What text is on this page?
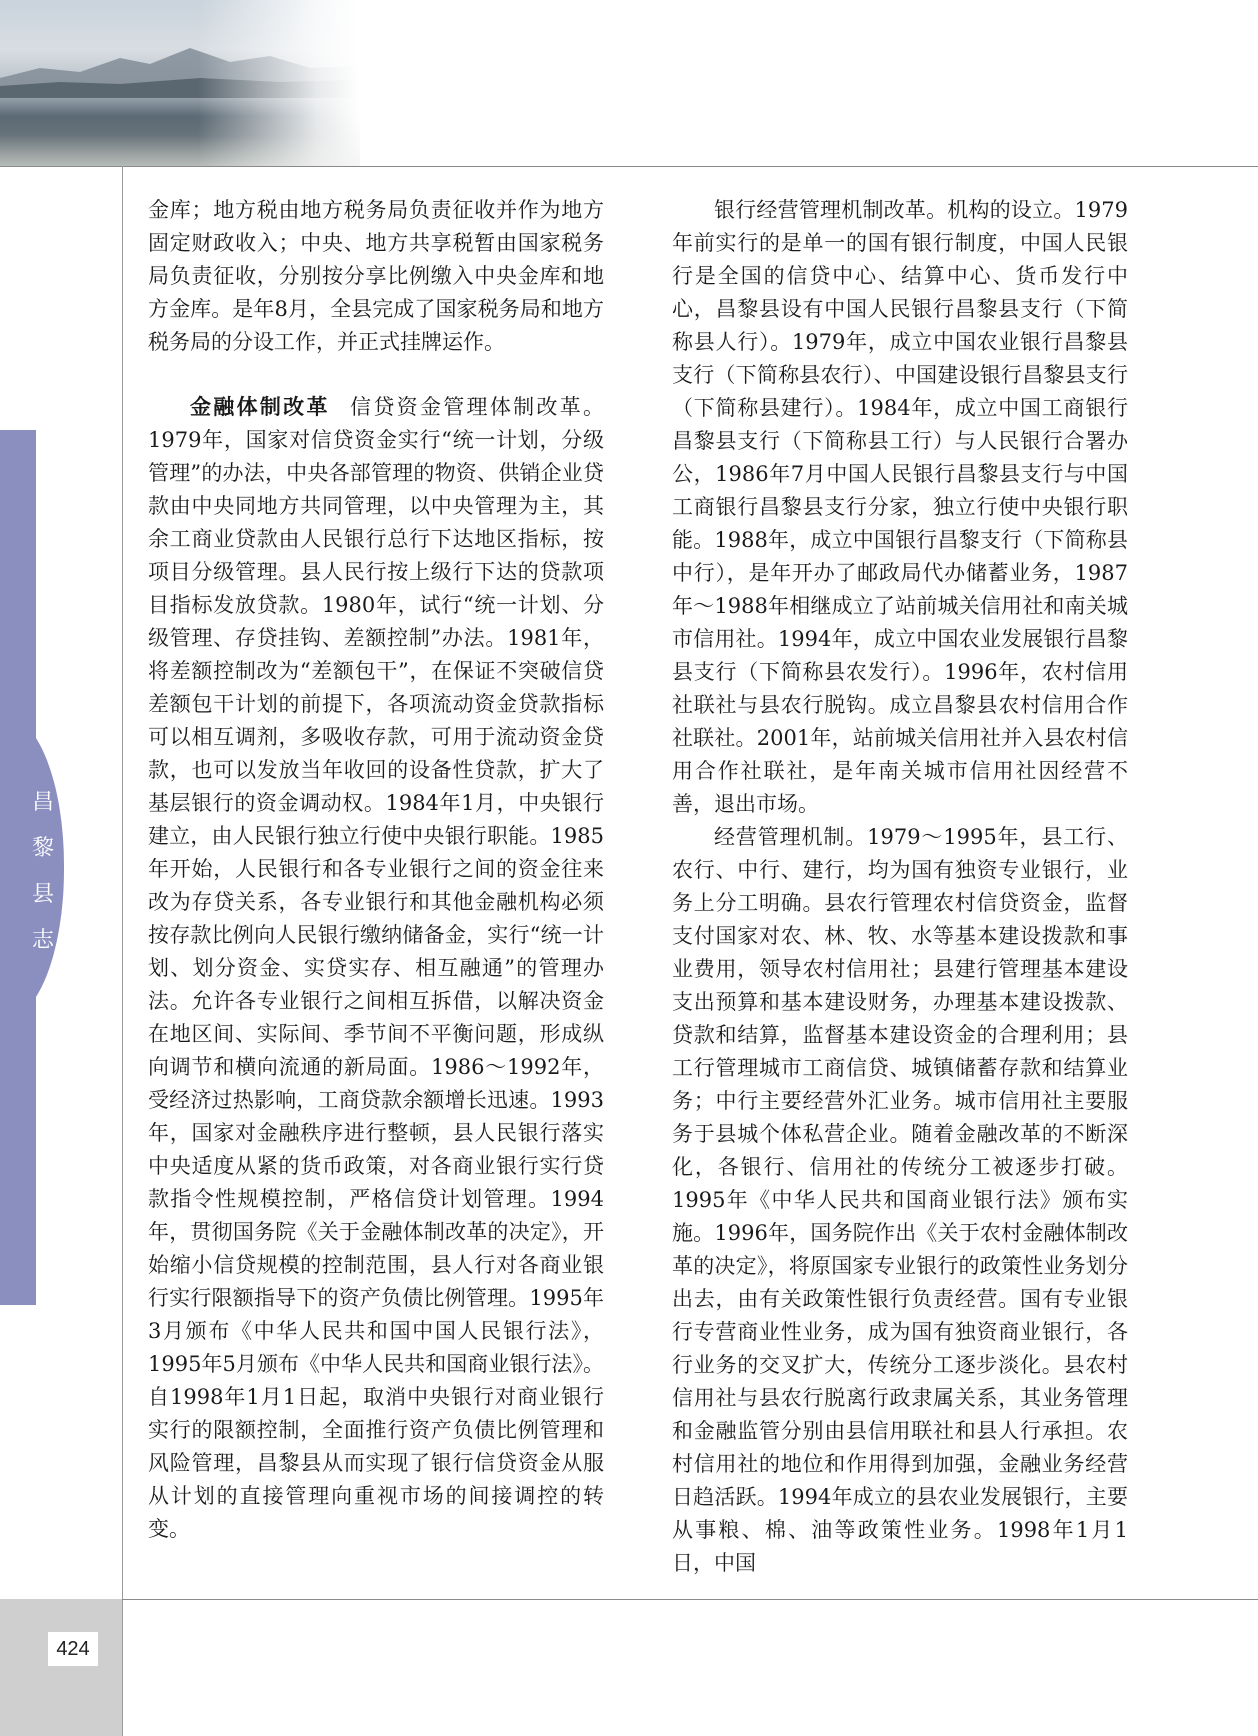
昌
黎
县
志

金库；地方税由地方税务局负责征收并作为地方固定财政收入；中央、地方共享税暂由国家税务局负责征收，分别按分享比例缴入中央金库和地方金库。是年8月，全县完成了国家税务局和地方税务局的分设工作，并正式挂牌运作。

金融体制改革 信贷资金管理体制改革。1979年，国家对信贷资金实行“统一计划，分级管理”的办法，中央各部管理的物资、供销企业贷款由中央同地方共同管理，以中央管理为主，其余工商业贷款由人民银行总行下达地区指标，按项目分级管理。县人民行按上级行下达的贷款项目指标发放贷款。1980年，试行“统一计划、分级管理、存贷挂钩、差额控制”办法。1981年，将差额控制改为“差额包干”，在保证不突破信贷差额包干计划的前提下，各项流动资金贷款指标可以相互调剂，多吸收存款，可用于流动资金贷款，也可以发放当年收回的设备性贷款，扩大了基层银行的资金调动权。1984年1月，中央银行建立，由人民银行独立行使中央银行职能。1985年开始，人民银行和各专业银行之间的资金往来改为存贷关系，各专业银行和其他金融机构必须按存款比例向人民银行缴纳储备金，实行“统一计划、划分资金、实贷实存、相互融通”的管理办法。允许各专业银行之间相互拆借，以解决资金在地区间、实际间、季节间不平衡问题，形成纵向调节和横向流通的新局面。1986～1992年，受经济过热影响，工商贷款余额增长迅速。1993年，国家对金融秩序进行整顿，县人民银行落实中央适度从紧的货币政策，对各商业银行实行贷款指令性规模控制，严格信贷计划管理。1994年，贯彻国务院《关于金融体制改革的决定》，开始缩小信贷规模的控制范围，县人行对各商业银行实行限额指导下的资产负债比例管理。1995年3月颁布《中华人民共和国中国人民银行法》，1995年5月颁布《中华人民共和国商业银行法》。自1998年1月1日起，取消中央银行对商业银行实行的限额控制，全面推行资产负债比例管理和风险管理，昌黎县从而实现了银行信贷资金从服从计划的直接管理向重视市场的间接调控的转变。

银行经营管理机制改革。机构的设立。1979年前实行的是单一的国有银行制度，中国人民银行是全国的信贷中心、结算中心、货币发行中心，昌黎县设有中国人民银行昌黎县支行（下简称县人行）。1979年，成立中国农业银行昌黎县支行（下简称县农行）、中国建设银行昌黎县支行（下简称县建行）。1984年，成立中国工商银行昌黎县支行（下简称县工行）与人民银行合署办公，1986年7月中国人民银行昌黎县支行与中国工商银行昌黎县支行分家，独立行使中央银行职能。1988年，成立中国银行昌黎支行（下简称县中行），是年开办了邮政局代办储蓄业务，1987年～1988年相继成立了站前城关信用社和南关城市信用社。1994年，成立中国农业发展银行昌黎县支行（下简称县农发行）。1996年，农村信用社联社与县农行脱钩。成立昌黎县农村信用合作社联社。2001年，站前城关信用社并入县农村信用合作社联社，是年南关城市信用社因经营不善，退出市场。

经营管理机制。1979～1995年，县工行、农行、中行、建行，均为国有独资专业银行，业务上分工明确。县农行管理农村信贷资金，监督支付国家对农、林、牧、水等基本建设拨款和事业费用，领导农村信用社；县建行管理基本建设支出预算和基本建设财务，办理基本建设拨款、贷款和结算，监督基本建设资金的合理利用；县工行管理城市工商信贷、城镇储蓄存款和结算业务；中行主要经营外汇业务。城市信用社主要服务于县城个体私营企业。随着金融改革的不断深化，各银行、信用社的传统分工被逐步打破。1995年《中华人民共和国商业银行法》颁布实施。1996年，国务院作出《关于农村金融体制改革的决定》，将原国家专业银行的政策性业务划分出去，由有关政策性银行负责经营。国有专业银行专营商业性业务，成为国有独资商业银行，各行业务的交叉扩大，传统分工逐步淡化。县农村信用社与县农行脱离行政隶属关系，其业务管理和金融监管分别由县信用联社和县人行承担。农村信用社的地位和作用得到加强，金融业务经营日趋活跃。1994年成立的县农业发展银行，主要从事粮、棉、油等政策性业务。1998年1月1日，中国

424
